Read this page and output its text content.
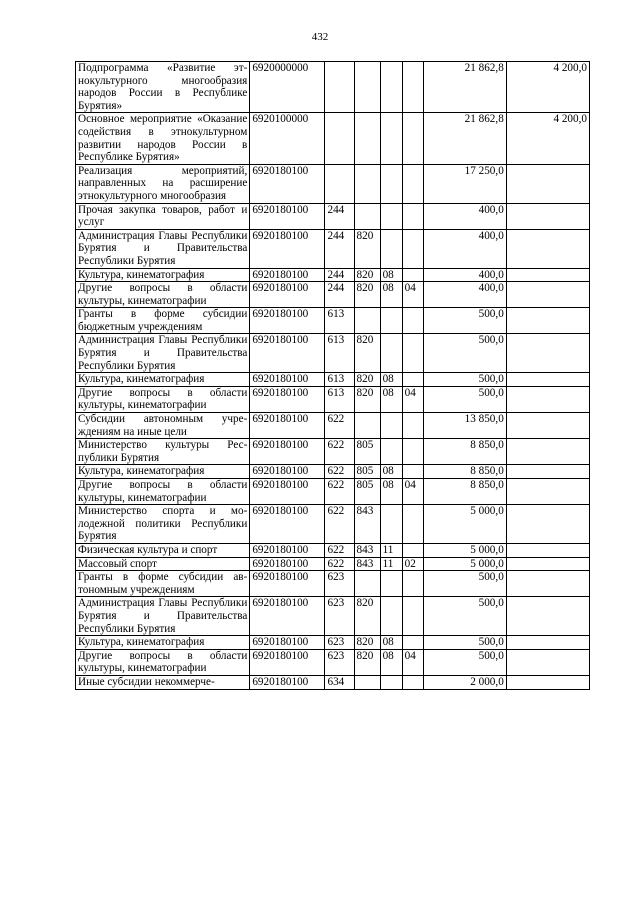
432
Подпрограмма «Развитие этнокультурного многообразия народов России в Республике Бурятия»	6920000000					21 862,8	4 200,0
Основное мероприятие «Оказание содействия в этнокультурном развитии народов России в Республике Бурятия»	6920100000					21 862,8	4 200,0
Реализация мероприятий, направленных на расширение этнокультурного многообразия	6920180100					17 250,0	
Прочая закупка товаров, работ и услуг	6920180100	244				400,0	
Администрация Главы Республики Бурятия и Правительства Республики Бурятия	6920180100	244	820			400,0	
Культура, кинематография	6920180100	244	820	08		400,0	
Другие вопросы в области культуры, кинематографии	6920180100	244	820	08	04	400,0	
Гранты в форме субсидии бюджетным учреждениям	6920180100	613				500,0	
Администрация Главы Республики Бурятия и Правительства Республики Бурятия	6920180100	613	820			500,0	
Культура, кинематография	6920180100	613	820	08		500,0	
Другие вопросы в области культуры, кинематографии	6920180100	613	820	08	04	500,0	
Субсидии автономным учреждениям на иные цели	6920180100	622				13 850,0	
Министерство культуры Республики Бурятия	6920180100	622	805			8 850,0	
Культура, кинематография	6920180100	622	805	08		8 850,0	
Другие вопросы в области культуры, кинематографии	6920180100	622	805	08	04	8 850,0	
Министерство спорта и молодежной политики Республики Бурятия	6920180100	622	843			5 000,0	
Физическая культура и спорт	6920180100	622	843	11		5 000,0	
Массовый спорт	6920180100	622	843	11	02	5 000,0	
Гранты в форме субсидии автономным учреждениям	6920180100	623				500,0	
Администрация Главы Республики Бурятия и Правительства Республики Бурятия	6920180100	623	820			500,0	
Культура, кинематография	6920180100	623	820	08		500,0	
Другие вопросы в области культуры, кинематографии	6920180100	623	820	08	04	500,0	
Иные субсидии некоммерче-	6920180100	634				2 000,0	
